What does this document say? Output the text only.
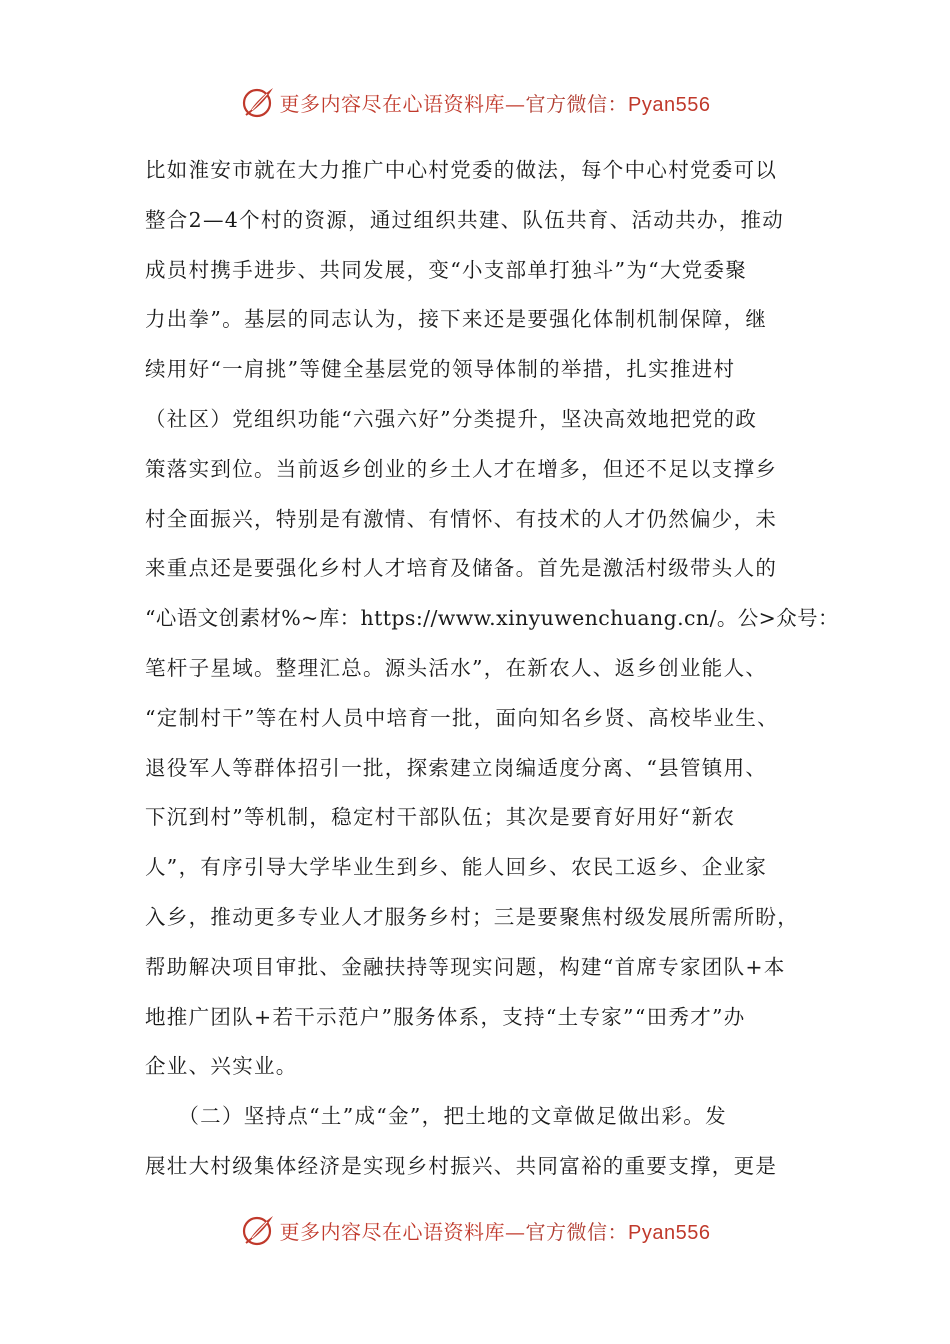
更多内容尽在心语资料库—官方微信：Pyan556
比如淮安市就在大力推广中心村党委的做法，每个中心村党委可以
整合2—4个村的资源，通过组织共建、队伍共育、活动共办，推动
成员村携手进步、共同发展，变“小支部单打独斗”为“大党委聚
力出拳”。基层的同志认为，接下来还是要强化体制机制保障，继
续用好“一肩挑”等健全基层党的领导体制的举措，扎实推进村
（社区）党组织功能“六强六好”分类提升，坚决高效地把党的政
策落实到位。当前返乡创业的乡土人才在增多，但还不足以支撑乡
村全面振兴，特别是有激情、有情怀、有技术的人才仍然偏少，未
来重点还是要强化乡村人才培育及储备。首先是激活村级带头人的
“心语文创素材%~库：https://www.xinyuwenchuang.cn/。公>众号：
笔杆子星域。整理汇总。源头活水”，在新农人、返乡创业能人、
“定制村干”等在村人员中培育一批，面向知名乡贤、高校毕业生、
退役军人等群体招引一批，探索建立岗编适度分离、“县管镇用、
下沉到村”等机制，稳定村干部队伍；其次是要育好用好“新农
人”，有序引导大学毕业生到乡、能人回乡、农民工返乡、企业家
入乡，推动更多专业人才服务乡村；三是要聚焦村级发展所需所盼，
帮助解决项目审批、金融扶持等现实问题，构建“首席专家团队+本
地推广团队+若干示范户”服务体系，支持“土专家”“田秀才”办
企业、兴实业。
　　（二）坚持点“土”成“金”，把土地的文章做足做出彩。发
展壮大村级集体经济是实现乡村振兴、共同富裕的重要支撑，更是
更多内容尽在心语资料库—官方微信：Pyan556
